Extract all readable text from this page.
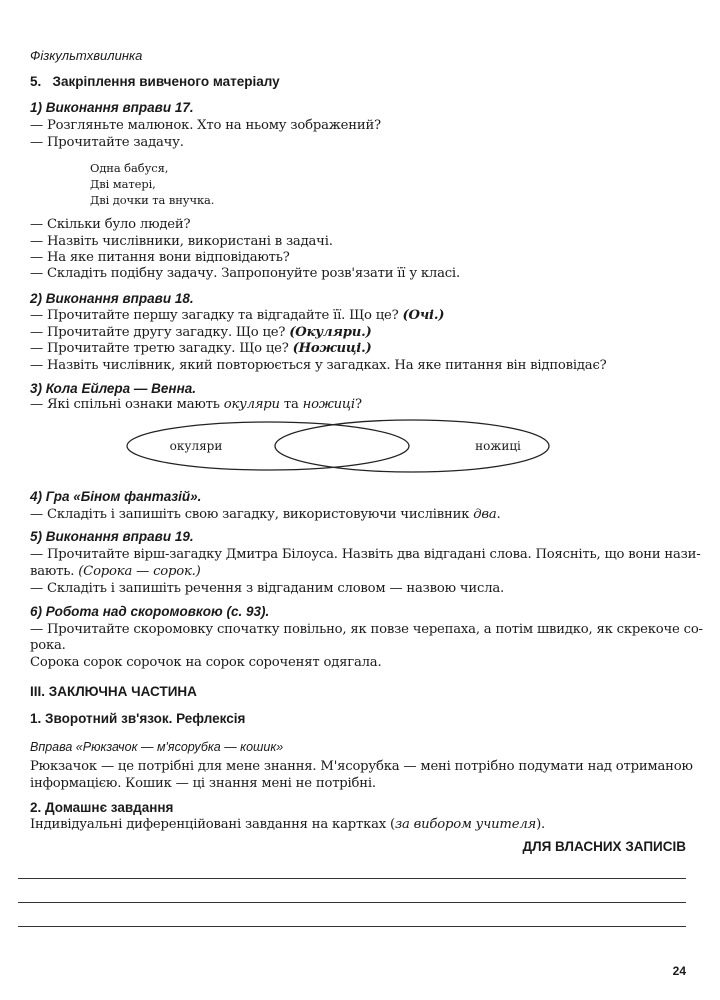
Фізкультхвилинка
5. Закріплення вивченого матеріалу
1) Виконання вправи 17.
— Розгляньте малюнок. Хто на ньому зображений?
— Прочитайте задачу.
Одна бабуся,
Дві матері,
Дві дочки та внучка.
— Скільки було людей?
— Назвіть числівники, використані в задачі.
— На яке питання вони відповідають?
— Складіть подібну задачу. Запропонуйте розв'язати її у класі.
2) Виконання вправи 18.
— Прочитайте першу загадку та відгадайте її. Що це? (Очі.)
— Прочитайте другу загадку. Що це? (Окуляри.)
— Прочитайте третю загадку. Що це? (Ножиці.)
— Назвіть числівник, який повторюється у загадках. На яке питання він відповідає?
3) Кола Ейлера — Венна.
— Які спільні ознаки мають окуляри та ножиці?
окуляри	ножиці
4) Гра «Біном фантазій».
— Складіть і запишіть свою загадку, використовуючи числівник два.
5) Виконання вправи 19.
— Прочитайте вірш-загадку Дмитра Білоуса. Назвіть два відгадані слова. Поясніть, що вони нази-
вають. (Сорока — сорок.)
— Складіть і запишіть речення з відгаданим словом — назвою числа.
6) Робота над скоромовкою (с. 93).
— Прочитайте скоромовку спочатку повільно, як повзе черепаха, а потім швидко, як скрекоче со-
рока.
Сорока сорок сорочок на сорок сороченят одягала.
III. ЗАКЛЮЧНА ЧАСТИНА
1. Зворотний зв'язок. Рефлексія
Вправа «Рюкзачок — м'ясорубка — кошик»
Рюкзачок — це потрібні для мене знання. М'ясорубка — мені потрібно подумати над отриманою
інформацією. Кошик — ці знання мені не потрібні.
2. Домашнє завдання
Індивідуальні диференційовані завдання на картках (за вибором учителя).
ДЛЯ ВЛАСНИХ ЗАПИСІВ
24
